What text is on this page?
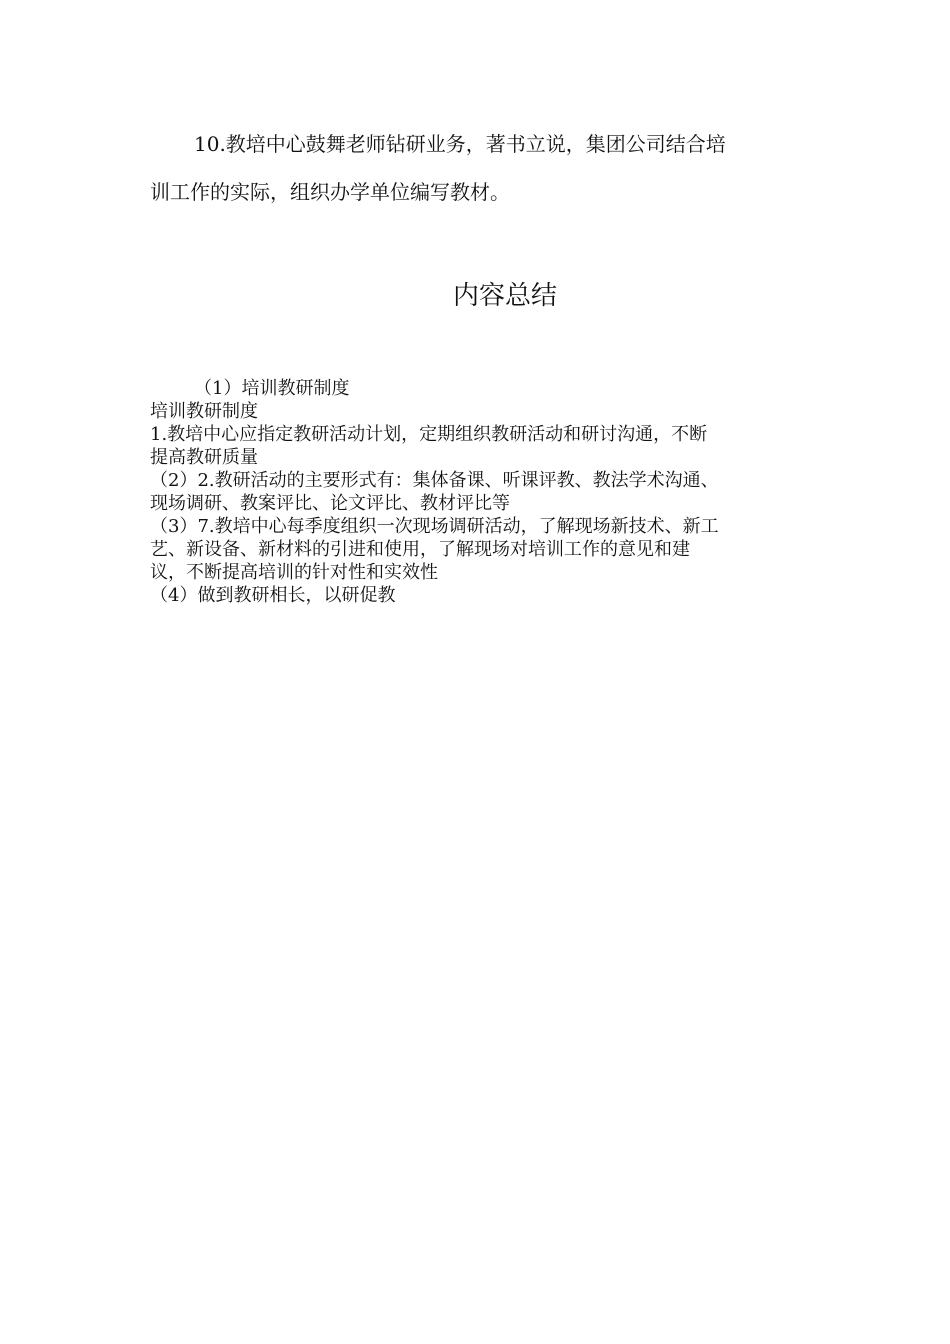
10.教培中心鼓舞老师钻研业务，著书立说，集团公司结合培
训工作的实际，组织办学单位编写教材。

内容总结
（1）培训教研制度
培训教研制度
1.教培中心应指定教研活动计划，定期组织教研活动和研讨沟通，不断
提高教研质量
（2）2.教研活动的主要形式有：集体备课、听课评教、教法学术沟通、
现场调研、教案评比、论文评比、教材评比等
（3）7.教培中心每季度组织一次现场调研活动，了解现场新技术、新工
艺、新设备、新材料的引进和使用，了解现场对培训工作的意见和建
议，不断提高培训的针对性和实效性
（4）做到教研相长，以研促教
